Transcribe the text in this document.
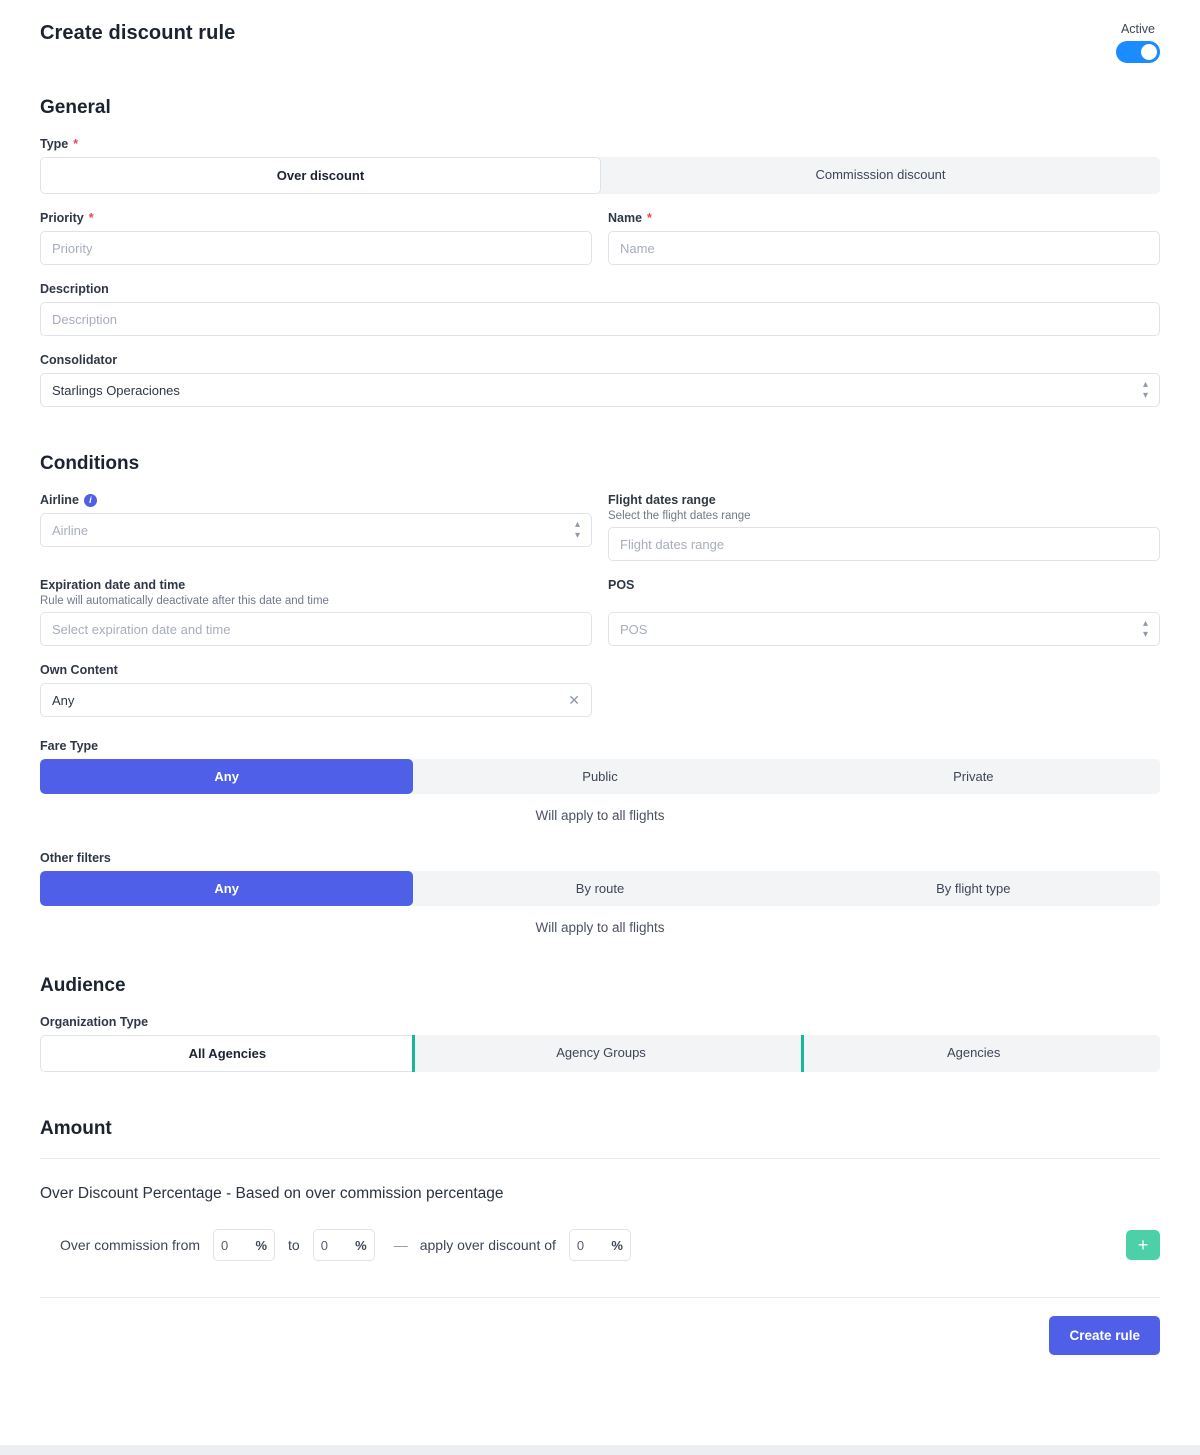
Create discount rule	Active
General
Type *
Over discount	Commisssion discount
Priority *
Priority
Name *
Name
Description
Description
Consolidator
Starlings Operaciones	▴
▾
Conditions
Airline	i
Airline	▴
▾
Flight dates range
Select the flight dates range
Flight dates range
Expiration date and time
Rule will automatically deactivate after this date and time
Select expiration date and time
POS

POS	▴
▾
Own Content
Any	✕
Fare Type
Any	Public	Private
Will apply to all flights
Other filters
Any	By route	By flight type
Will apply to all flights
Audience
Organization Type
All Agencies	Agency Groups	Agencies
Amount
Over Discount Percentage - Based on over commission percentage
Over commission from 0 % to 0 % — apply over discount of 0 %	+
Create rule
